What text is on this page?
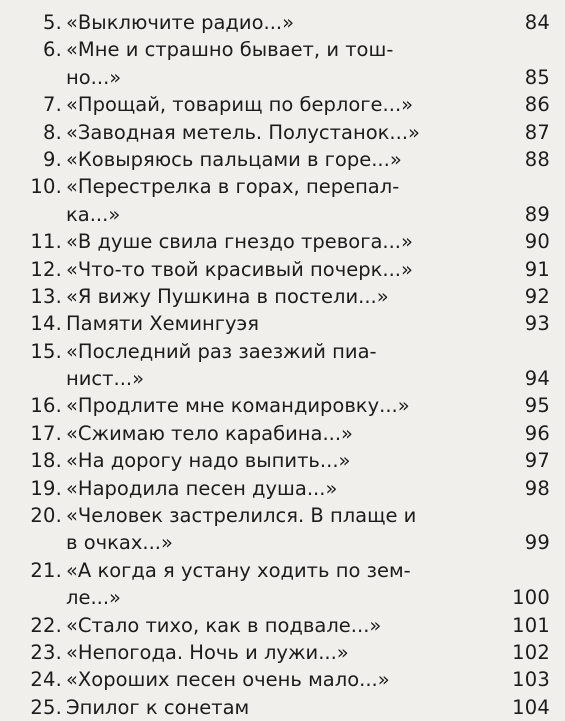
5. «Выключите радио...»	84
6. «Мне и страшно бывает, и тош-
но...»	85
7. «Прощай, товарищ по берлоге...»	86
8. «Заводная метель. Полустанок...»	87
9. «Ковыряюсь пальцами в горе...»	88
10. «Перестрелка в горах, перепал-
ка...»	89
11. «В душе свила гнездо тревога...»	90
12. «Что-то твой красивый почерк...»	91
13. «Я вижу Пушкина в постели...»	92
14. Памяти Хемингуэя	93
15. «Последний раз заезжий пиа-
нист...»	94
16. «Продлите мне командировку...»	95
17. «Сжимаю тело карабина...»	96
18. «На дорогу надо выпить...»	97
19. «Народила песен душа...»	98
20. «Человек застрелился. В плаще и
в очках...»	99
21. «А когда я устану ходить по зем-
ле...»	100
22. «Стало тихо, как в подвале...»	101
23. «Непогода. Ночь и лужи...»	102
24. «Хороших песен очень мало...»	103
25. Эпилог к сонетам	104
